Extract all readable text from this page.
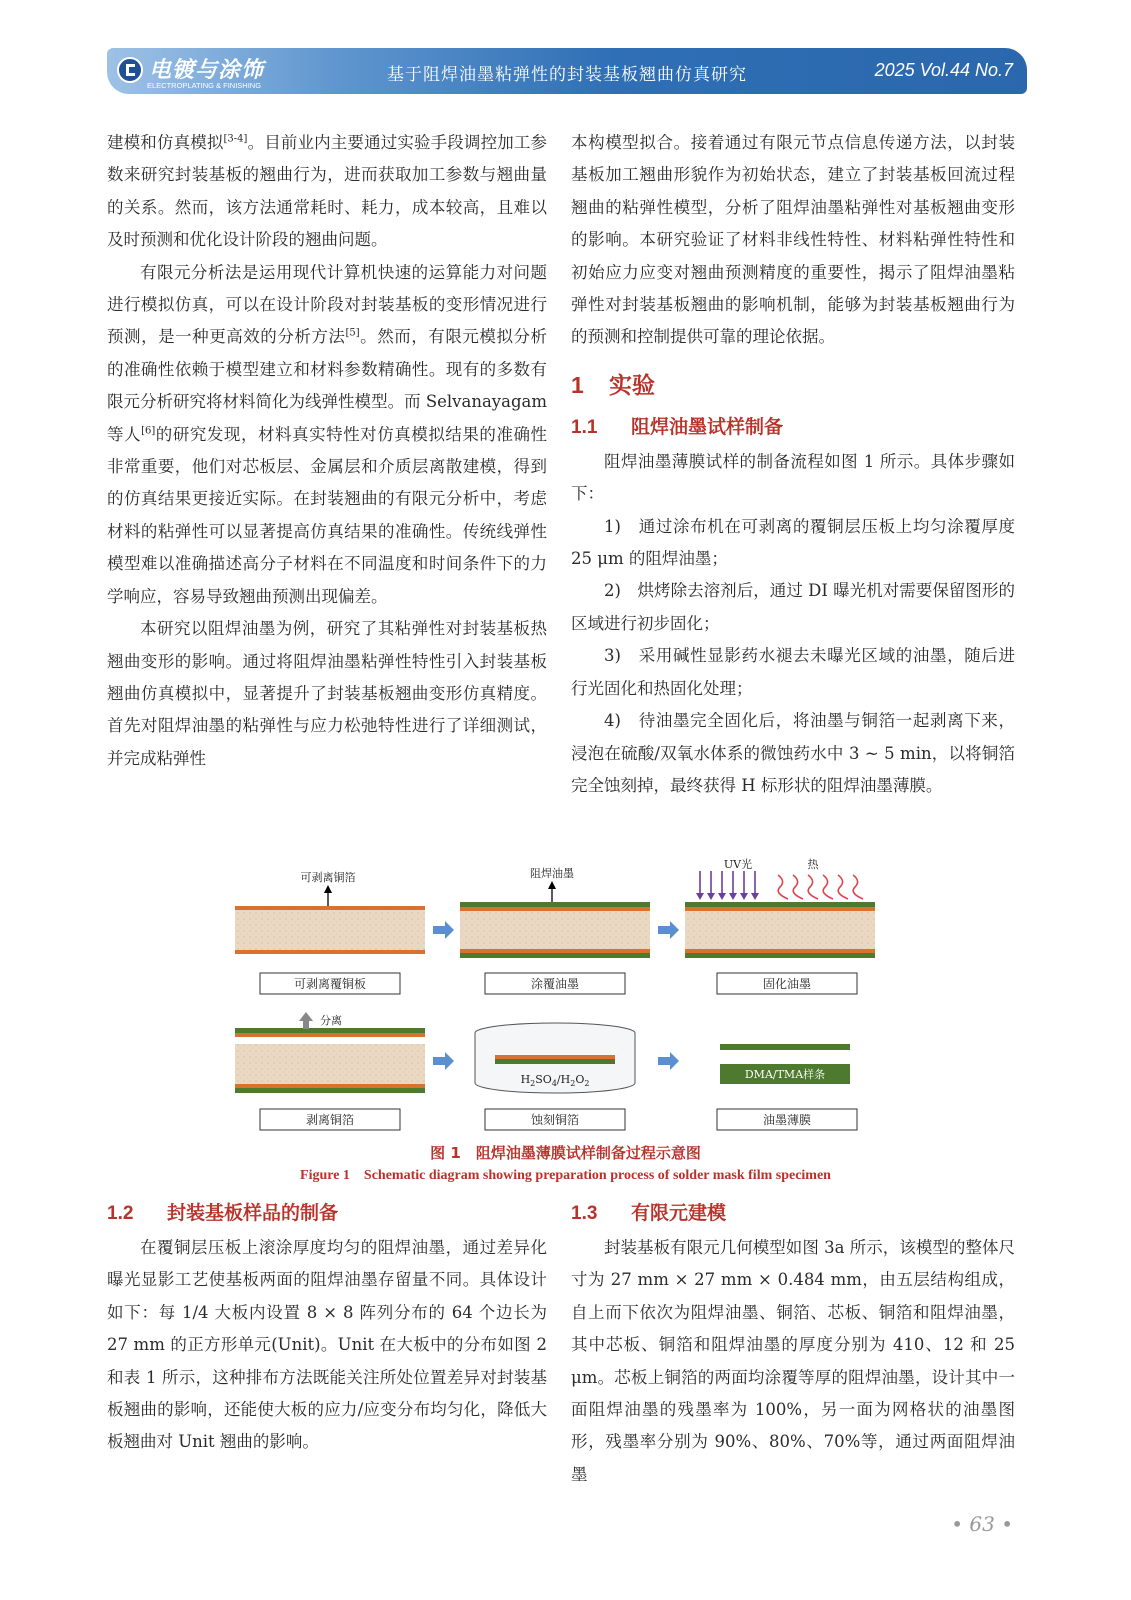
电镀与涂饰
ELECTROPLATING & FINISHING
基于阻焊油墨粘弹性的封装基板翘曲仿真研究	2025 Vol.44 No.7

建模和仿真模拟[3-4]。目前业内主要通过实验手段调控加工参数来研究封装基板的翘曲行为，进而获取加工参数与翘曲量的关系。然而，该方法通常耗时、耗力，成本较高，且难以及时预测和优化设计阶段的翘曲问题。

有限元分析法是运用现代计算机快速的运算能力对问题进行模拟仿真，可以在设计阶段对封装基板的变形情况进行预测，是一种更高效的分析方法[5]。然而，有限元模拟分析的准确性依赖于模型建立和材料参数精确性。现有的多数有限元分析研究将材料简化为线弹性模型。而 Selvanayagam 等人[6]的研究发现，材料真实特性对仿真模拟结果的准确性非常重要，他们对芯板层、金属层和介质层离散建模，得到的仿真结果更接近实际。在封装翘曲的有限元分析中，考虑材料的粘弹性可以显著提高仿真结果的准确性。传统线弹性模型难以准确描述高分子材料在不同温度和时间条件下的力学响应，容易导致翘曲预测出现偏差。

本研究以阻焊油墨为例，研究了其粘弹性对封装基板热翘曲变形的影响。通过将阻焊油墨粘弹性特性引入封装基板翘曲仿真模拟中，显著提升了封装基板翘曲变形仿真精度。首先对阻焊油墨的粘弹性与应力松弛特性进行了详细测试，并完成粘弹性

本构模型拟合。接着通过有限元节点信息传递方法，以封装基板加工翘曲形貌作为初始状态，建立了封装基板回流过程翘曲的粘弹性模型，分析了阻焊油墨粘弹性对基板翘曲变形的影响。本研究验证了材料非线性特性、材料粘弹性特性和初始应力应变对翘曲预测精度的重要性，揭示了阻焊油墨粘弹性对封装基板翘曲的影响机制，能够为封装基板翘曲行为的预测和控制提供可靠的理论依据。

1 实验
1.1 阻焊油墨试样制备

阻焊油墨薄膜试样的制备流程如图 1 所示。具体步骤如下：

1)　通过涂布机在可剥离的覆铜层压板上均匀涂覆厚度 25 μm 的阻焊油墨；

2)　烘烤除去溶剂后，通过 DI 曝光机对需要保留图形的区域进行初步固化；

3)　采用碱性显影药水褪去未曝光区域的油墨，随后进行光固化和热固化处理；

4)　待油墨完全固化后，将油墨与铜箔一起剥离下来，浸泡在硫酸/双氧水体系的微蚀药水中 3 ~ 5 min，以将铜箔完全蚀刻掉，最终获得 H 标形状的阻焊油墨薄膜。

可剥离铜箔	阻焊油墨
UV光	热
可剥离覆铜板	涂覆油墨	固化油墨
分离
$H_2SO_4/H_2O_2$
DMA/TMA样条
剥离铜箔	蚀刻铜箔	油墨薄膜
图 1　阻焊油墨薄膜试样制备过程示意图
Figure 1　Schematic diagram showing preparation process of solder mask film specimen
1.2 封装基板样品的制备

在覆铜层压板上滚涂厚度均匀的阻焊油墨，通过差异化曝光显影工艺使基板两面的阻焊油墨存留量不同。具体设计如下：每 1/4 大板内设置 8 × 8 阵列分布的 64 个边长为 27 mm 的正方形单元(Unit)。Unit 在大板中的分布如图 2 和表 1 所示，这种排布方法既能关注所处位置差异对封装基板翘曲的影响，还能使大板的应力/应变分布均匀化，降低大板翘曲对 Unit 翘曲的影响。

1.3 有限元建模

封装基板有限元几何模型如图 3a 所示，该模型的整体尺寸为 27 mm × 27 mm × 0.484 mm，由五层结构组成，自上而下依次为阻焊油墨、铜箔、芯板、铜箔和阻焊油墨，其中芯板、铜箔和阻焊油墨的厚度分别为 410、12 和 25 μm。芯板上铜箔的两面均涂覆等厚的阻焊油墨，设计其中一面阻焊油墨的残墨率为 100%，另一面为网格状的油墨图形，残墨率分别为 90%、80%、70%等，通过两面阻焊油墨

• 63 •
